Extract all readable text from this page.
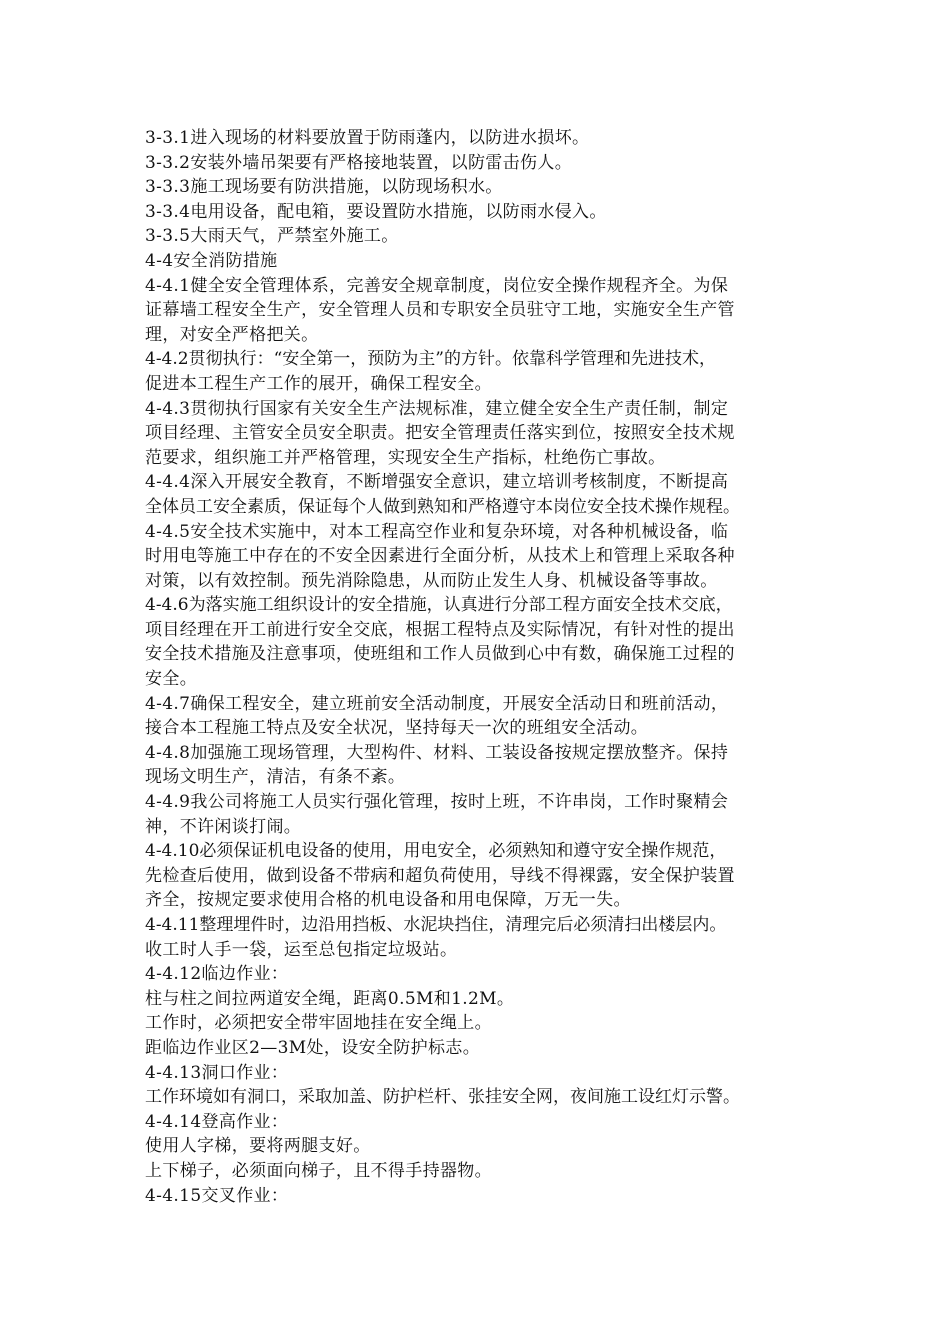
3-3.1进入现场的材料要放置于防雨蓬内，以防进水损坏。
3-3.2安装外墙吊架要有严格接地装置，以防雷击伤人。
3-3.3施工现场要有防洪措施，以防现场积水。
3-3.4电用设备，配电箱，要设置防水措施，以防雨水侵入。
3-3.5大雨天气，严禁室外施工。
4-4安全消防措施
4-4.1健全安全管理体系，完善安全规章制度，岗位安全操作规程齐全。为保
证幕墙工程安全生产，安全管理人员和专职安全员驻守工地，实施安全生产管
理，对安全严格把关。
4-4.2贯彻执行：“安全第一，预防为主”的方针。依靠科学管理和先进技术，
促进本工程生产工作的展开，确保工程安全。
4-4.3贯彻执行国家有关安全生产法规标准，建立健全安全生产责任制，制定
项目经理、主管安全员安全职责。把安全管理责任落实到位，按照安全技术规
范要求，组织施工并严格管理，实现安全生产指标，杜绝伤亡事故。
4-4.4深入开展安全教育，不断增强安全意识，建立培训考核制度，不断提高
全体员工安全素质，保证每个人做到熟知和严格遵守本岗位安全技术操作规程。
4-4.5安全技术实施中，对本工程高空作业和复杂环境，对各种机械设备，临
时用电等施工中存在的不安全因素进行全面分析，从技术上和管理上采取各种
对策，以有效控制。预先消除隐患，从而防止发生人身、机械设备等事故。
4-4.6为落实施工组织设计的安全措施，认真进行分部工程方面安全技术交底，
项目经理在开工前进行安全交底，根据工程特点及实际情况，有针对性的提出
安全技术措施及注意事项，使班组和工作人员做到心中有数，确保施工过程的
安全。
4-4.7确保工程安全，建立班前安全活动制度，开展安全活动日和班前活动，
接合本工程施工特点及安全状况，坚持每天一次的班组安全活动。
4-4.8加强施工现场管理，大型构件、材料、工装设备按规定摆放整齐。保持
现场文明生产，清洁，有条不紊。
4-4.9我公司将施工人员实行强化管理，按时上班，不许串岗，工作时聚精会
神，不许闲谈打闹。
4-4.10必须保证机电设备的使用，用电安全，必须熟知和遵守安全操作规范，
先检查后使用，做到设备不带病和超负荷使用，导线不得裸露，安全保护装置
齐全，按规定要求使用合格的机电设备和用电保障，万无一失。
4-4.11整理埋件时，边沿用挡板、水泥块挡住，清理完后必须清扫出楼层内。
收工时人手一袋，运至总包指定垃圾站。
4-4.12临边作业：
柱与柱之间拉两道安全绳，距离0.5M和1.2M。
工作时，必须把安全带牢固地挂在安全绳上。
距临边作业区2—3M处，设安全防护标志。
4-4.13洞口作业：
工作环境如有洞口，采取加盖、防护栏杆、张挂安全网，夜间施工设红灯示警。
4-4.14登高作业：
使用人字梯，要将两腿支好。
上下梯子，必须面向梯子，且不得手持器物。
4-4.15交叉作业：
